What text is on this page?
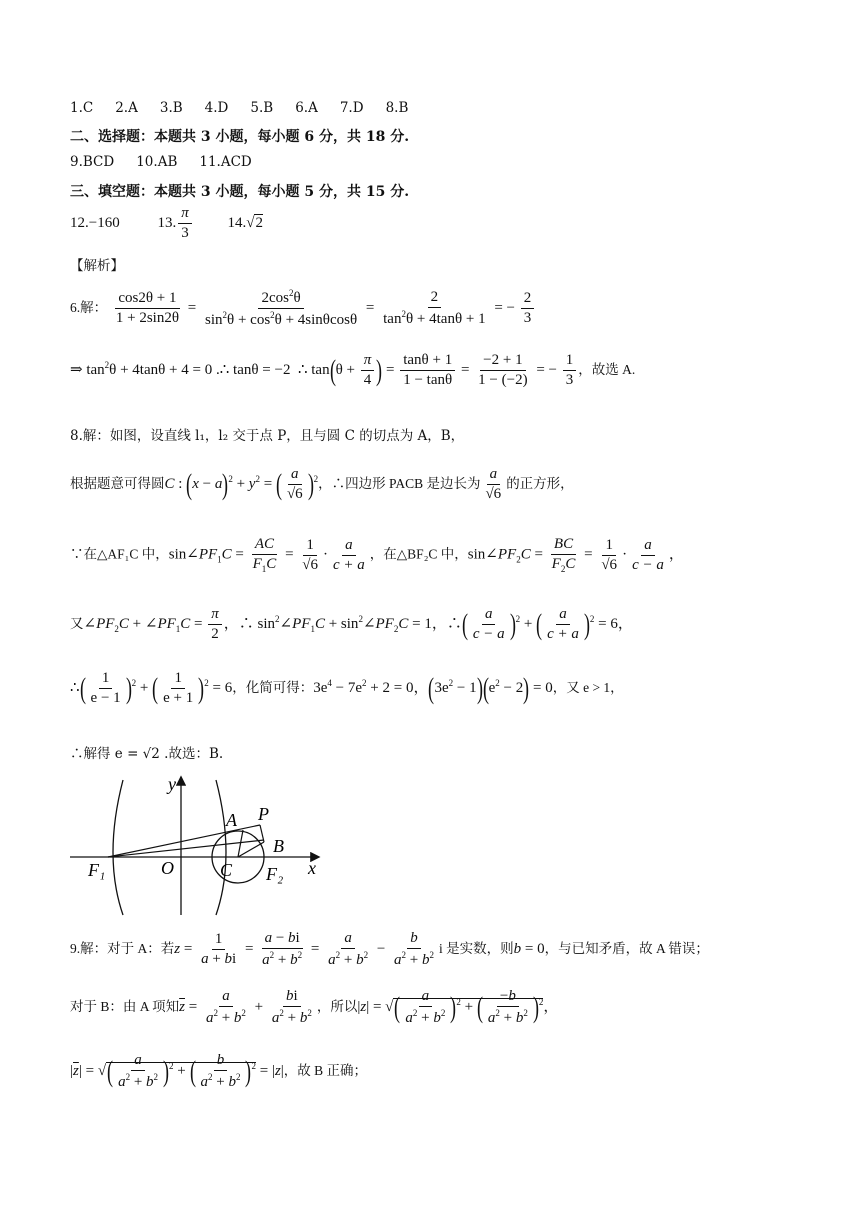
1.C 2.A 3.B 4.D 5.B 6.A 7.D 8.B
二、选择题：本题共 3 小题，每小题 6 分，共 18 分.
9.BCD 10.AB 11.ACD
三、填空题：本题共 3 小题，每小题 5 分，共 15 分.
12.−160	13. $\frac{\pi}{3} 14.√2$
【解析】
6.解： $\frac{\cos 2\theta + 1}{1 + 2\sin 2\theta} = \frac{2\cos^2\theta}{\sin^2\theta + \cos^2\theta + 4\sin\theta\cos\theta} = \frac{2}{\tan^2\theta + 4\tan\theta + 1}$ = − $\frac{2}{3}$
⇒ $\tan^2\theta + 4\tan\theta + 4 = 0$ .∴ tanθ = −2  ∴ $\tan(\theta + \frac{\pi}{4}$ ) = $\frac{\tan\theta + 1}{1 - \tan\theta} = \frac{-2 + 1}{1 - (-2)}$ = − $\frac{1}{3}$ ，故选 A.
8.解：如图，设直线 l₁，l₂ 交于点 P，且与圆 C 的切点为 A，B，
根据题意可得圆C : $(x - a)^2 + y^2$ = ( $\frac{a}{√6} )^2$，∴四边形 PACB 是边长为 $\frac{a}{√6}$ 的正方形，
∵在△AF₁C 中，$\sin\angle PF_1C = \frac{AC}{F_1C} = \frac{1}{√6} \cdot \frac{a}{c + a}$ ，在△BF₂C 中，$\sin\angle PF_2C = \frac{BC}{F_2C} = \frac{1}{√6} \cdot \frac{a}{c - a}$ ，
又$\angle PF_2C$ + $\angle PF_1C = \frac{\pi}{2}$ ，∴ $\sin^2\angle PF_1C$ + $\sin^2\angle PF_2C = 1$，∴( $\frac{a}{c - a} )^2$ + ( $\frac{a}{c + a} )^2 = 6$，
∴( $\frac{1}{e - 1} )^2$ + ( $\frac{1}{e + 1} )^2 = 6$，化简可得：$3e^4 - 7e^2 + 2 = 0$，$(3e^2 - 1)(e^2 - 2) = 0$，又 e > 1，
∴解得 e = √2 .故选：B.
y
x
A P
B
F₁	O	C F₂
9.解：对于 A：若$z = \frac{1}{a + bi} = \frac{a - bi}{a^2 + b^2} = \frac{a}{a^2 + b^2} - \frac{b}{a^2 + b^2}$ i 是实数，则b = 0，与已知矛盾，故 A 错误；
对于 B：由 A 项知$\overline{z} = \frac{a}{a^2 + b^2} + \frac{bi}{a^2 + b^2}$ ，所以|z| = √( $\frac{a}{a^2 + b^2} )^2$ + ( $\frac{-b}{a^2 + b^2} )^2$，
$|\overline{z}|$ = √( $\frac{a}{a^2 + b^2} )^2$ + ( $\frac{b}{a^2 + b^2} )^2 = |z|$，故 B 正确；
